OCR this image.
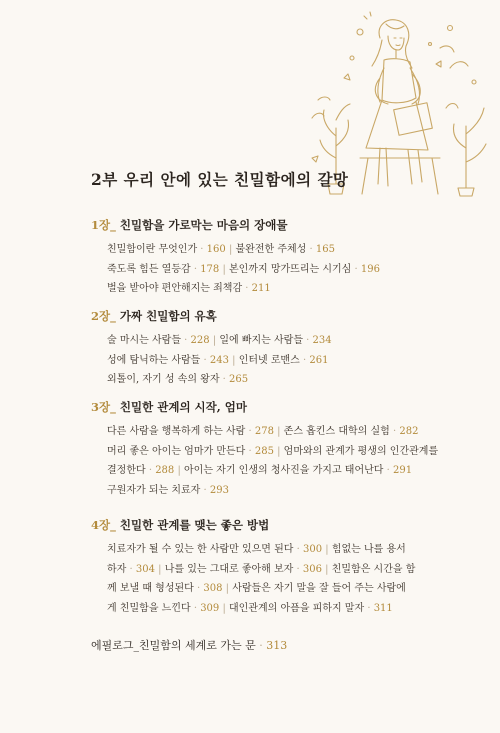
2부 우리 안에 있는 친밀함에의 갈망
1장_ 친밀함을 가로막는 마음의 장애물
친밀함이란 무엇인가 · 160 | 불완전한 주체성 · 165
죽도록 힘든 열등감 · 178 | 본인까지 망가뜨리는 시기심 · 196
벌을 받아야 편안해지는 죄책감 · 211
2장_ 가짜 친밀함의 유혹
술 마시는 사람들 · 228 | 일에 빠지는 사람들 · 234
성에 탐닉하는 사람들 · 243 | 인터넷 로맨스 · 261
외톨이, 자기 성 속의 왕자 · 265
3장_ 친밀한 관계의 시작, 엄마
다른 사람을 행복하게 하는 사람 · 278 | 존스 홉킨스 대학의 실험 · 282
머리 좋은 아이는 엄마가 만든다 · 285 | 엄마와의 관계가 평생의 인간관계를
결정한다 · 288 | 아이는 자기 인생의 청사진을 가지고 태어난다 · 291
구원자가 되는 치료자 · 293
4장_ 친밀한 관계를 맺는 좋은 방법
치료자가 될 수 있는 한 사람만 있으면 된다 · 300 | 힘없는 나를 용서
하자 · 304 | 나를 있는 그대로 좋아해 보자 · 306 | 친밀함은 시간을 함
께 보낼 때 형성된다 · 308 | 사람들은 자기 말을 잘 들어 주는 사람에
게 친밀함을 느낀다 · 309 | 대인관계의 아픔을 피하지 말자 · 311
에필로그_친밀함의 세계로 가는 문 · 313
